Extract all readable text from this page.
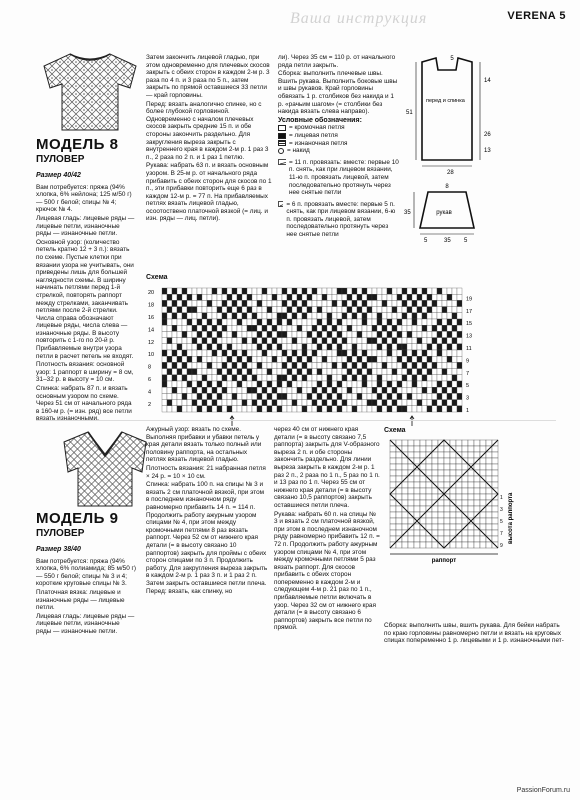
Ваша инструкция	VERENA 5
МОДЕЛЬ 8
ПУЛОВЕР
Размер 40/42

Вам потребуется: пряжа (94% хлопка, 6% нейлона; 125 м/50 г) — 500 г белой; спицы № 4; крючок № 4.

Лицевая гладь: лицевые ряды — лицевые петли, изнаночные ряды — изнаночные петли.

Основной узор: (количество петель кратно 12 + 3 п.): вязать по схеме. Пустые клетки при вязании узора не учитывать, они приведены лишь для большей наглядности схемы. В ширину начинать петлями перед 1-й стрелкой, повторять раппорт между стрелками, заканчивать петлями после 2-й стрелки. Числа справа обозначают лицевые ряды, числа слева — изнаночные ряды. В высоту повторить с 1-го по 20-й р. Прибавляемые внутри узора петли в расчет петель не входят.

Плотность вязания: основной узор: 1 раппорт в ширину = 8 см, 31–32 р. в высоту = 10 см.

Спинка: набрать 87 п. и вязать основным узором по схеме. Через 51 см от начального ряда в 160-м р. (= изн. ряд) все петли вязать изнаночными.

Затем закончить лицевой гладью, при этом одновременно для плечевых скосов закрыть с обеих сторон в каждом 2-м р. 3 раза по 4 п. и 3 раза по 5 п., затем закрыть по прямой оставшиеся 33 петли — край горловины.

Перед: вязать аналогично спинке, но с более глубокой горловиной. Одновременно с началом плечевых скосов закрыть средние 15 п. и обе стороны закончить раздельно. Для закругления выреза закрыть с внутреннего края в каждом 2-м р. 1 раз 3 п., 2 раза по 2 п. и 1 раз 1 петлю.

Рукава: набрать 63 п. и вязать основным узором. В 25-м р. от начального ряда прибавить с обеих сторон для скосов по 1 п., эти прибавки повторить еще 6 раз в каждом 12-м р. = 77 п. На прибавляемых петлях вязать лицевой гладью, осоотоствено платочной вязкой (= лиц. и изн. ряды — лиц. петли).

ли). Через 35 см = 110 р. от начального ряда петли закрыть.

Сборка: выполнить плечевые швы. Вшить рукава. Выполнить боковые швы и швы рукавов. Край горловины обвязать 1 р. столбиков без накида и 1 р. «рачьим шагом» (= столбики без накида вязать слева направо).

Условные обозначения:
= кромочная петля
= лицевая петля
= изнаночная петля
= накид
= 11 п. провязать: вместе: первые 10 п. снять, как при лицевом вязании, 11-ю п. провязать лицевой, затем последовательно протянуть через нее снятые петли
= 6 п. провязать вместе: первые 5 п. снять, как при лицевом вязании, 6-ю п. провязать лицевой, затем последовательно протянуть через нее снятые петли
5
перед и спинка
51
14
26
28
13
8
рукав
35
5	35 5
Схема
20
18
16
14
12
10
8
6
4
2
19
17
15
13
11
9
7
5
3
1
МОДЕЛЬ 9
ПУЛОВЕР
Размер 38/40

Вам потребуется: пряжа (94% хлопка, 6% полиамида; 85 м/50 г) — 550 г белой; спицы № 3 и 4; короткие круговые спицы № 3.

Платочная вязка: лицевые и изнаночные ряды — лицевые петли.

Лицевая гладь: лицевые ряды — лицевые петли, изнаночные ряды — изнаночные петли.

Ажурный узор: вязать по схеме. Выполняя прибавки и убавки петель у края детали вязать только полный или половину раппорта, на остальных петлях вязать лицевой гладью.

Плотность вязания: 21 набранная петля × 24 р. = 10 × 10 см.

Спинка: набрать 100 п. на спицы № 3 и вязать 2 см платочной вязкой, при этом в последнем изнаночном ряду равномерно прибавить 14 п. = 114 п. Продолжить работу ажурным узором спицами № 4, при этом между кромочными петлями 8 раз вязать раппорт. Через 52 см от нижнего края детали (= в высоту связано 10 раппортов) закрыть для проймы с обеих сторон спицами по 3 п. Продолжить работу. Для закругления выреза закрыть в каждом 2-м р. 1 раз 3 п. и 1 раз 2 п. Затем закрыть оставшиеся петли плеча.

Перед: вязать, как спинку, но

через 40 см от нижнего края детали (= в высоту связано 7,5 раппорта) закрыть для V-образного выреза 2 п. и обе стороны закончить раздельно. Для линии выреза закрыть в каждом 2-м р. 1 раз 2 п., 2 раза по 1 п., 5 раз по 1 п. и 13 раз по 1 п. Через 55 см от нижнего края детали (= в высоту связано 10,5 раппортов) закрыть оставшиеся петли плеча.

Рукава: набрать 60 п. на спицы № 3 и вязать 2 см платочной вязкой, при этом в последнем изнаночном ряду равномерно прибавить 12 п. = 72 п. Продолжить работу ажурным узором спицами № 4, при этом между кромочными петлями 5 раз вязать раппорт. Для скосов прибавить с обеих сторон попеременно в каждом 2-м и следующем 4-м р. 21 раз по 1 п., прибавляемые петли включать в узор. Через 32 см от нижнего края детали (= в высоту связано 6 раппортов) закрыть все петли по прямой.

Схема
высота раппорта
раппорт
9
7
5
3
1

Сборка: выполнить швы, вшить рукава. Для бейки набрать по краю горловины равномерно петли и вязать на круговых спицах попеременно 1 р. лицевыми и 1 р. изнаночными пет-

PassionForum.ru
